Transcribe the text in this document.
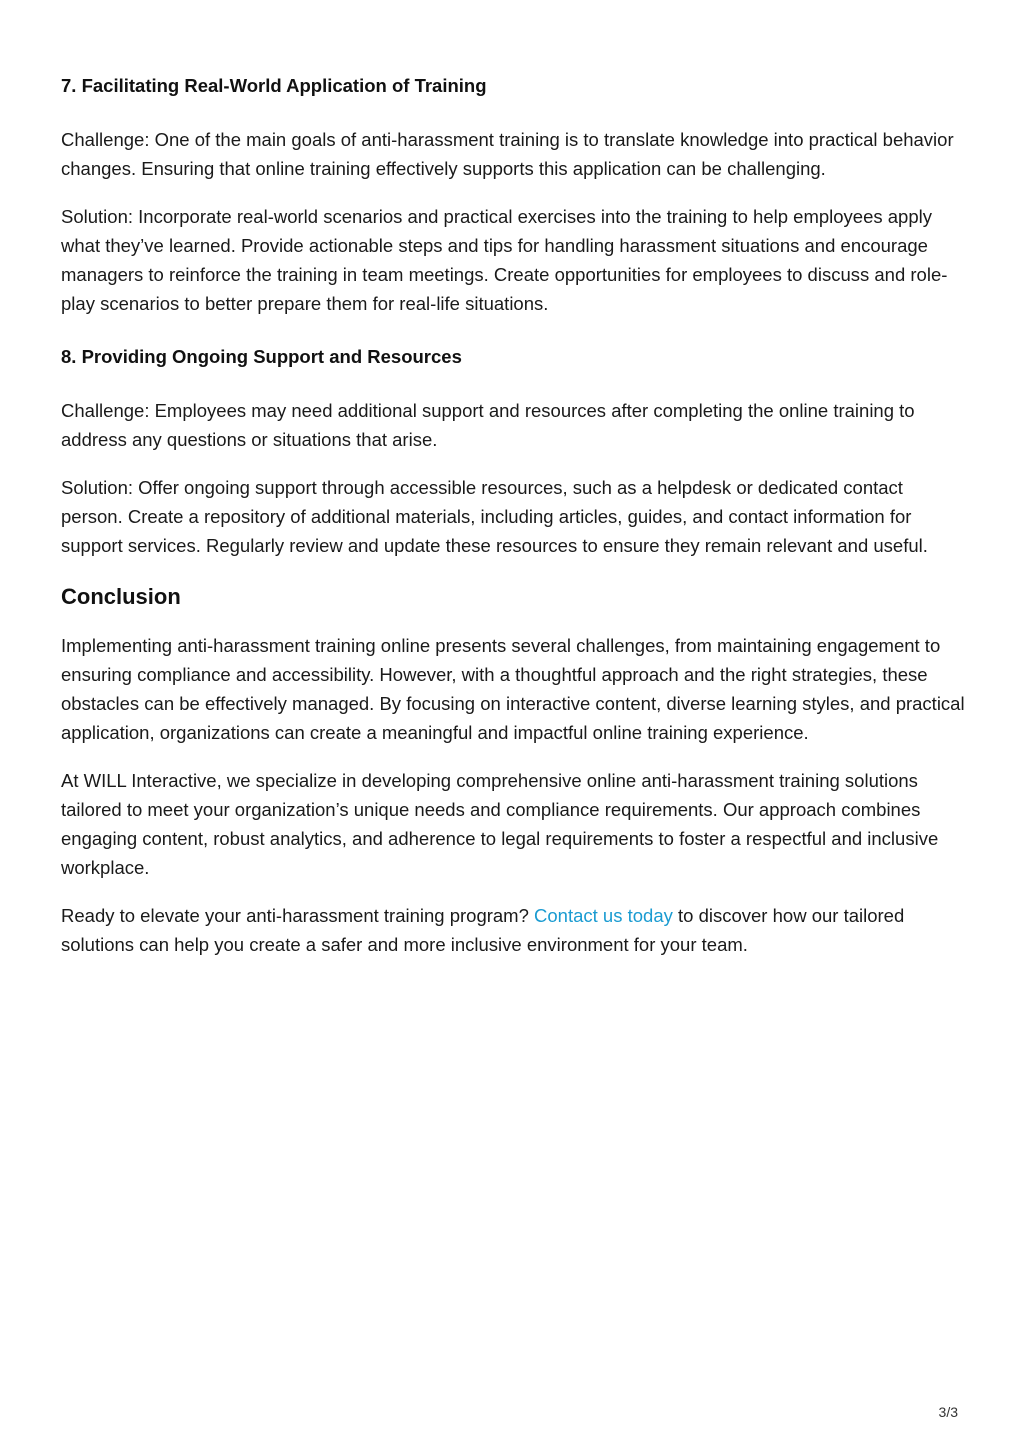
7. Facilitating Real-World Application of Training

Challenge: One of the main goals of anti-harassment training is to translate knowledge into practical behavior changes. Ensuring that online training effectively supports this application can be challenging.

Solution: Incorporate real-world scenarios and practical exercises into the training to help employees apply what they’ve learned. Provide actionable steps and tips for handling harassment situations and encourage managers to reinforce the training in team meetings. Create opportunities for employees to discuss and role-play scenarios to better prepare them for real-life situations.

8. Providing Ongoing Support and Resources

Challenge: Employees may need additional support and resources after completing the online training to address any questions or situations that arise.

Solution: Offer ongoing support through accessible resources, such as a helpdesk or dedicated contact person. Create a repository of additional materials, including articles, guides, and contact information for support services. Regularly review and update these resources to ensure they remain relevant and useful.

Conclusion

Implementing anti-harassment training online presents several challenges, from maintaining engagement to ensuring compliance and accessibility. However, with a thoughtful approach and the right strategies, these obstacles can be effectively managed. By focusing on interactive content, diverse learning styles, and practical application, organizations can create a meaningful and impactful online training experience.

At WILL Interactive, we specialize in developing comprehensive online anti-harassment training solutions tailored to meet your organization’s unique needs and compliance requirements. Our approach combines engaging content, robust analytics, and adherence to legal requirements to foster a respectful and inclusive workplace.

Ready to elevate your anti-harassment training program? Contact us today to discover how our tailored solutions can help you create a safer and more inclusive environment for your team.

3/3
